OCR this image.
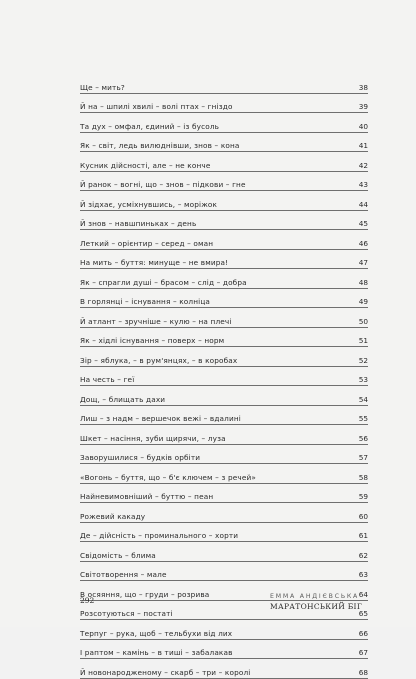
Ще – мить?	38
Й на – шпилі хвилі – волі птах – гніздо	39
Та дух – омфал, єдиний – із бусоль	40
Як – світ, ледь вилюднівши, знов – кона	41
Кусник дійсності, але – не конче	42
Й ранок – вогні, що – знов – підкови – гне	43
Й зідхає, усміхнувшись, – моріжок	44
Й знов – навшпиньках – день	45
Леткий – орієнтир – серед – оман	46
На мить – буття: минуще – не вмира!	47
Як – спрагли душі – брасом – слід – добра	48
В горлянці – існування – колніца	49
Й атлант – зручніше – кулю – на плечі	50
Як – хідлі існування – поверх – норм	51
Зір – яблука, – в рум'янцях, – в коробах	52
На честь – геї	53
Дощ, – блищать дахи	54
Лиш – з надм – вершечок вежі – вдалині	55
Шкет – насіння, зуби щирячи, – луза	56
Заворушилися – будків орбіти	57
«Вогонь – буття, що – б'є ключем – з речей»	58
Найневимовніший – буттю – пеан	59
Рожевий какаду	60
Де – дійсність – проминального – хорти	61
Свідомість – блима	62
Світотворення – мале	63
В осяяння, що – груди – розрива	64
Розсотуються – постаті	65
Терпуг – рука, щоб – тельбухи від лих	66
І раптом – камінь – в тиші – забалакав	67
Й новонародженому – скарб – три – королі	68
292	ЕММА АНДІЄВСЬКА
МАРАТОНСЬКИЙ БІГ
